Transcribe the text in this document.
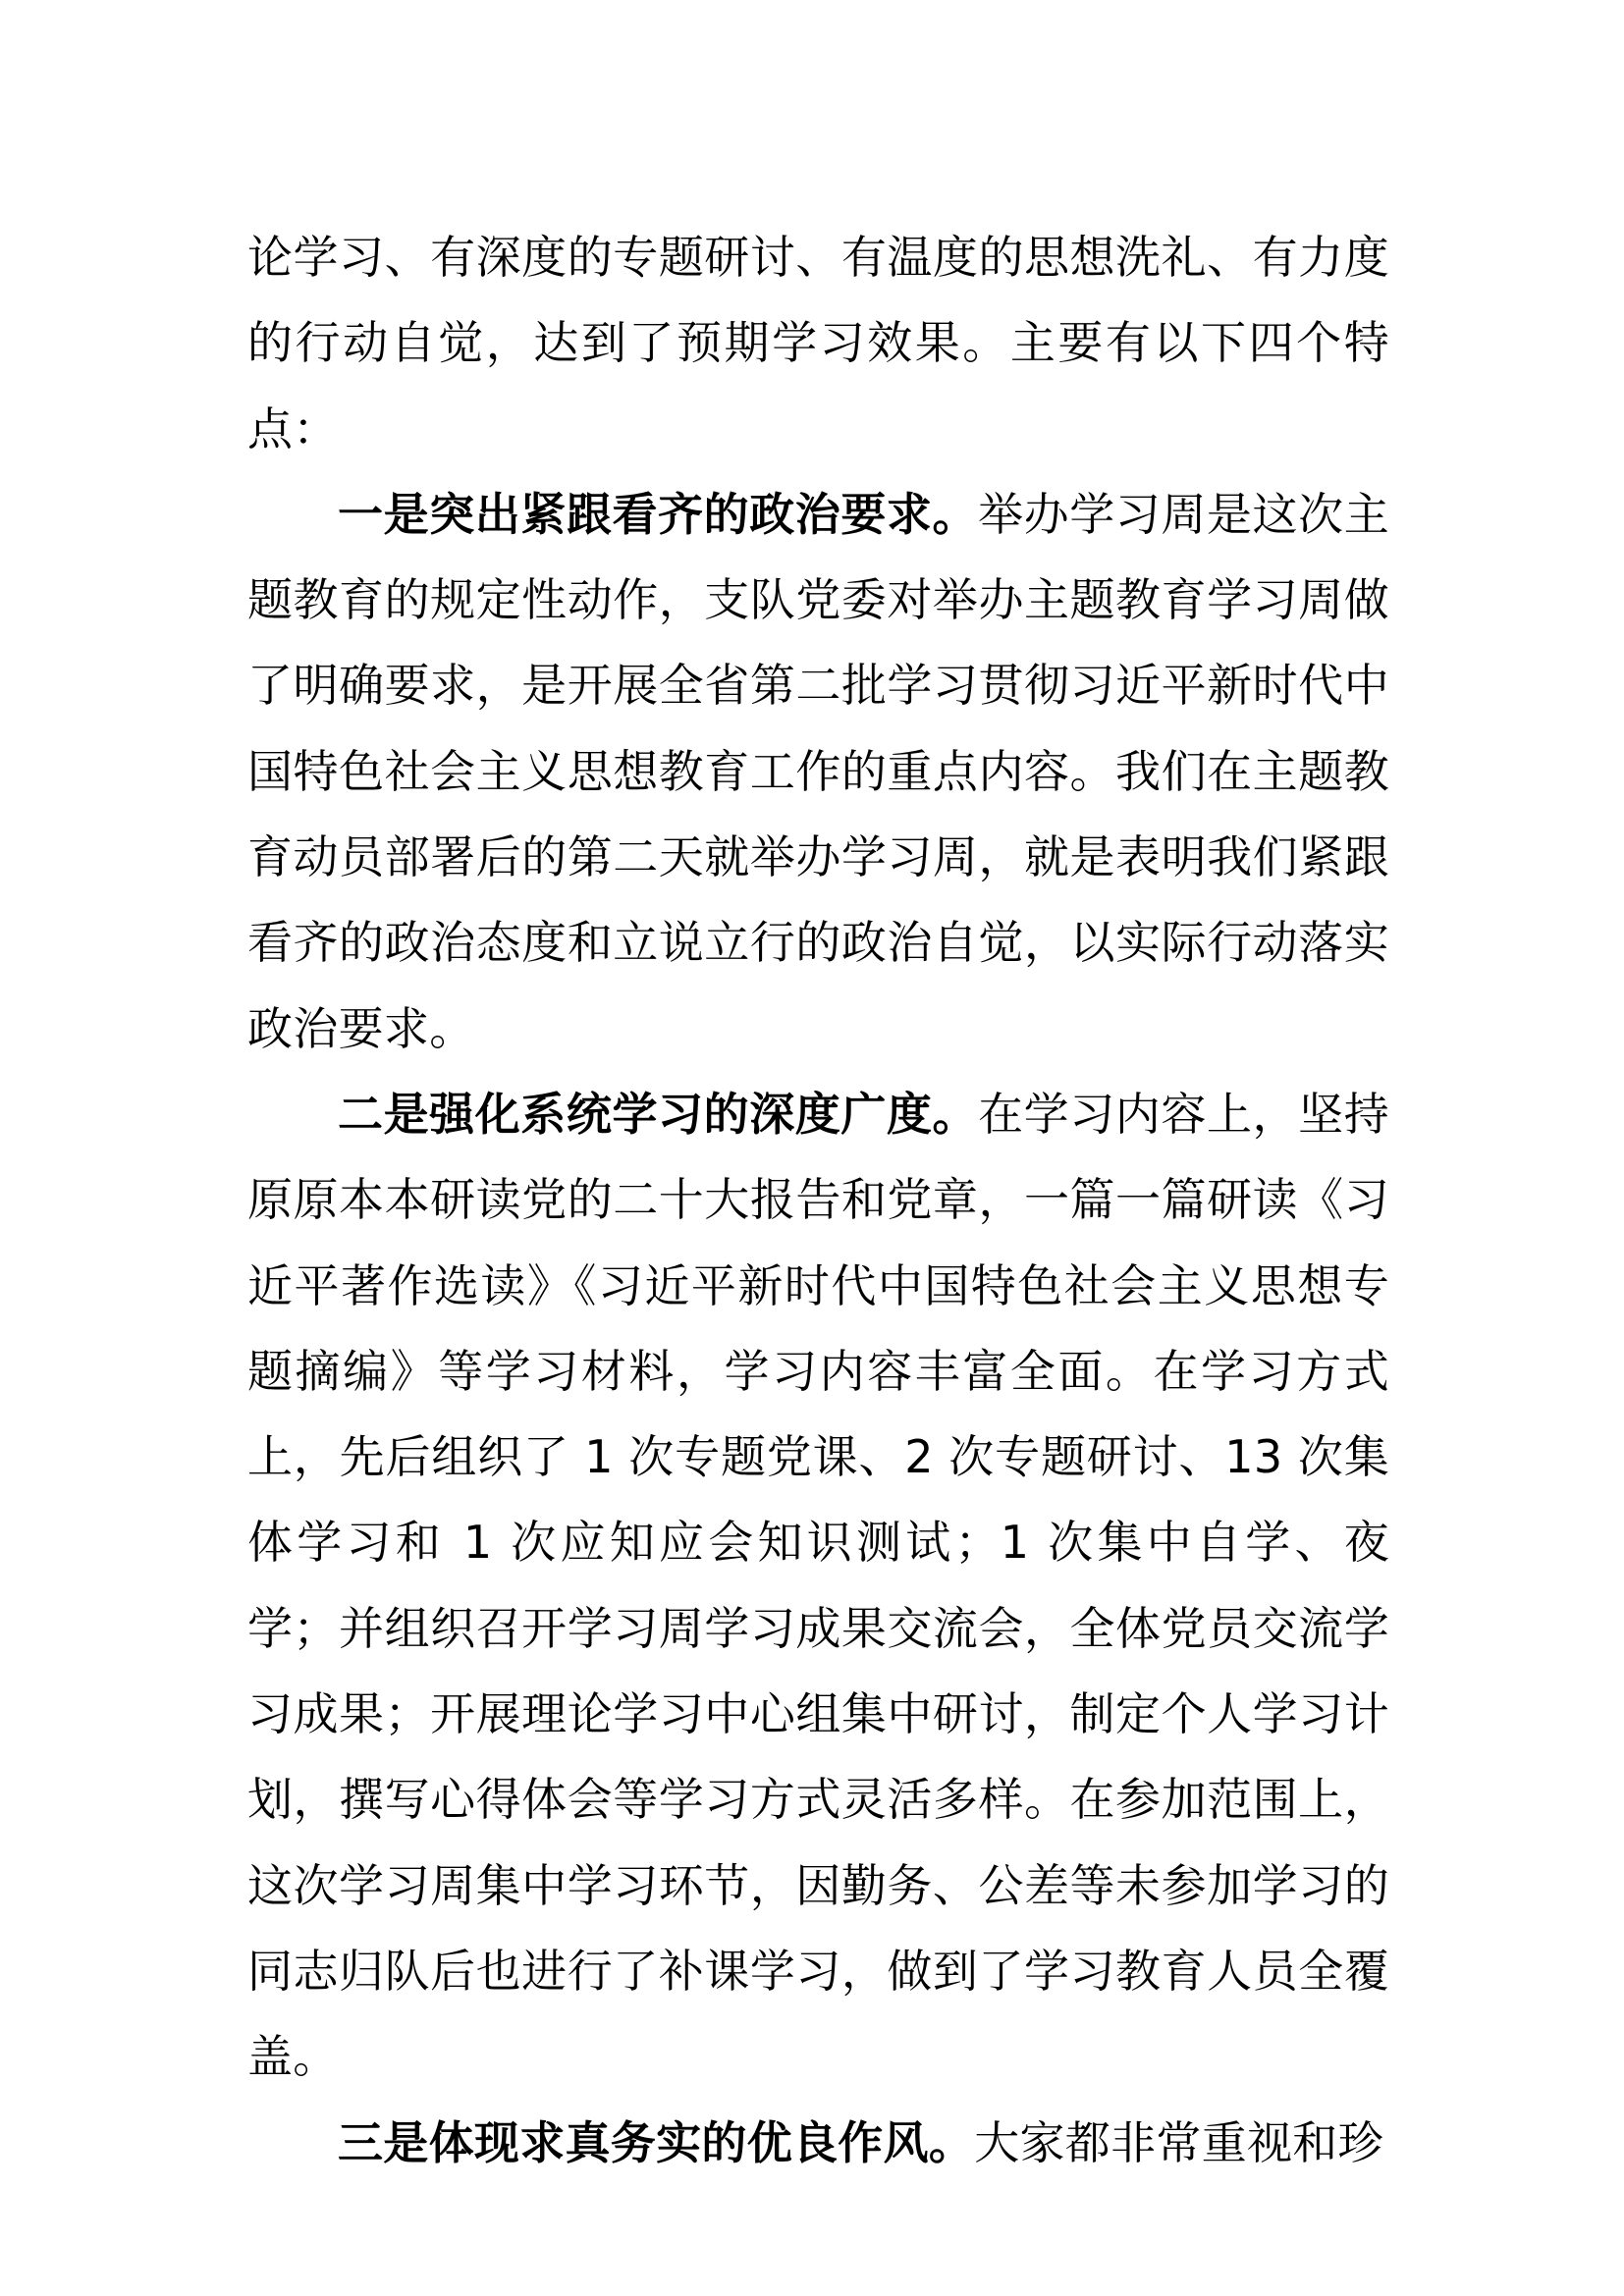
论学习、有深度的专题研讨、有温度的思想洗礼、有力度的行动自觉，达到了预期学习效果。主要有以下四个特点：

一是突出紧跟看齐的政治要求。举办学习周是这次主题教育的规定性动作，支队党委对举办主题教育学习周做了明确要求，是开展全省第二批学习贯彻习近平新时代中国特色社会主义思想教育工作的重点内容。我们在主题教育动员部署后的第二天就举办学习周，就是表明我们紧跟看齐的政治态度和立说立行的政治自觉，以实际行动落实政治要求。

二是强化系统学习的深度广度。在学习内容上，坚持原原本本研读党的二十大报告和党章，一篇一篇研读《习近平著作选读》《习近平新时代中国特色社会主义思想专题摘编》等学习材料，学习内容丰富全面。在学习方式上，先后组织了 1 次专题党课、2 次专题研讨、13 次集体学习和 1 次应知应会知识测试；1 次集中自学、夜学；并组织召开学习周学习成果交流会，全体党员交流学习成果；开展理论学习中心组集中研讨，制定个人学习计划，撰写心得体会等学习方式灵活多样。在参加范围上，这次学习周集中学习环节，因勤务、公差等未参加学习的同志归队后也进行了补课学习，做到了学习教育人员全覆盖。

三是体现求真务实的优良作风。大家都非常重视和珍
